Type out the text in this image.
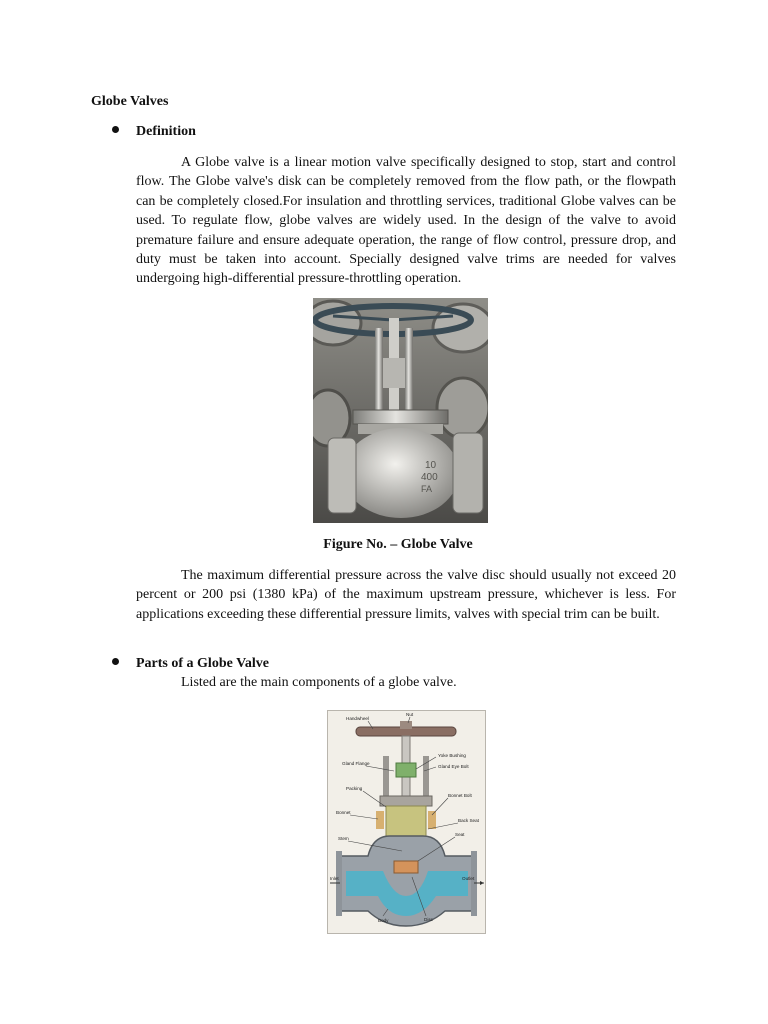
Globe Valves
Definition

A Globe valve is a linear motion valve specifically designed to stop, start and control flow. The Globe valve's disk can be completely removed from the flow path, or the flowpath can be completely closed.For insulation and throttling services, traditional Globe valves can be used. To regulate flow, globe valves are widely used. In the design of the valve to avoid premature failure and ensure adequate operation, the range of flow control, pressure drop, and duty must be taken into account. Specially designed valve trims are needed for valves undergoing high-differential pressure-throttling operation.

10
400
FA
Figure No. – Globe Valve

The maximum differential pressure across the valve disc should usually not exceed 20 percent or 200 psi (1380 kPa) of the maximum upstream pressure, whichever is less. For applications exceeding these differential pressure limits, valves with special trim can be built.

Parts of a Globe Valve
Listed are the main components of a globe valve.
Handwheel
Nut
Yoke Bushing
Gland Flange
Gland Eye Bolt
Packing
Bonnet Bolt
Bonnet
Back Seat
Stem
Seat
Inlet	Outlet
Body	Disc
